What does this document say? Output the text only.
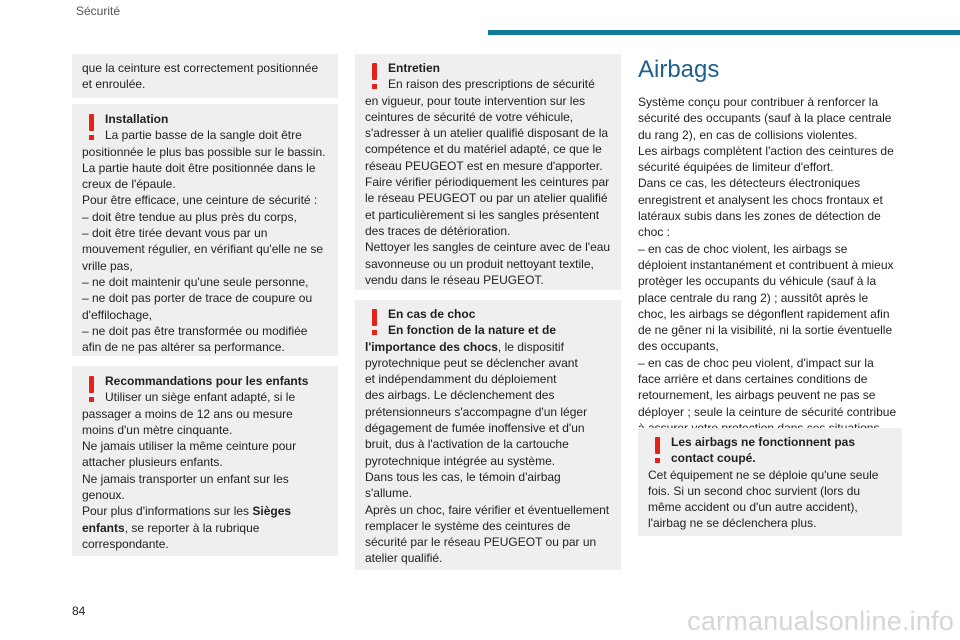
Sécurité

que la ceinture est correctement positionnée et enroulée.

Installation

La partie basse de la sangle doit être

positionnée le plus bas possible sur le bassin.

La partie haute doit être positionnée dans le

creux de l'épaule.

Pour être efficace, une ceinture de sécurité :

– doit être tendue au plus près du corps,

– doit être tirée devant vous par un

mouvement régulier, en vérifiant qu'elle ne se

vrille pas,

– ne doit maintenir qu'une seule personne,

– ne doit pas porter de trace de coupure ou

d'effilochage,

– ne doit pas être transformée ou modifiée

afin de ne pas altérer sa performance.

Recommandations pour les enfants

Utiliser un siège enfant adapté, si le

passager a moins de 12 ans ou mesure

moins d'un mètre cinquante.

Ne jamais utiliser la même ceinture pour

attacher plusieurs enfants.

Ne jamais transporter un enfant sur les

genoux.

Pour plus d'informations sur les Sièges

enfants, se reporter à la rubrique

correspondante.

Entretien

En raison des prescriptions de sécurité

en vigueur, pour toute intervention sur les

ceintures de sécurité de votre véhicule,

s'adresser à un atelier qualifié disposant de la

compétence et du matériel adapté, ce que le

réseau PEUGEOT est en mesure d'apporter.

Faire vérifier périodiquement les ceintures par

le réseau PEUGEOT ou par un atelier qualifié

et particulièrement si les sangles présentent

des traces de détérioration.

Nettoyer les sangles de ceinture avec de l'eau

savonneuse ou un produit nettoyant textile,

vendu dans le réseau PEUGEOT.

En cas de choc

En fonction de la nature et de

l'importance des chocs, le dispositif

pyrotechnique peut se déclencher avant

et indépendamment du déploiement

des airbags. Le déclenchement des

prétensionneurs s'accompagne d'un léger

dégagement de fumée inoffensive et d'un

bruit, dus à l'activation de la cartouche

pyrotechnique intégrée au système.

Dans tous les cas, le témoin d'airbag

s'allume.

Après un choc, faire vérifier et éventuellement

remplacer le système des ceintures de

sécurité par le réseau PEUGEOT ou par un

atelier qualifié.

Airbags

Système conçu pour contribuer à renforcer la

sécurité des occupants (sauf à la place centrale

du rang 2), en cas de collisions violentes.

Les airbags complètent l'action des ceintures de

sécurité équipées de limiteur d'effort.

Dans ce cas, les détecteurs électroniques

enregistrent et analysent les chocs frontaux et

latéraux subis dans les zones de détection de

choc :

– en cas de choc violent, les airbags se

déploient instantanément et contribuent à mieux

protèger les occupants du véhicule (sauf à la

place centrale du rang 2) ; aussitôt après le

choc, les airbags se dégonflent rapidement afin

de ne gêner ni la visibilité, ni la sortie éventuelle

des occupants,

– en cas de choc peu violent, d'impact sur la

face arrière et dans certaines conditions de

retournement, les airbags peuvent ne pas se

déployer ; seule la ceinture de sécurité contribue

Les airbags ne fonctionnent pas

contact coupé.

Cet équipement ne se déploie qu'une seule

fois. Si un second choc survient (lors du

même accident ou d'un autre accident),

l'airbag ne se déclenchera plus.

84	carmanualsonline.info
